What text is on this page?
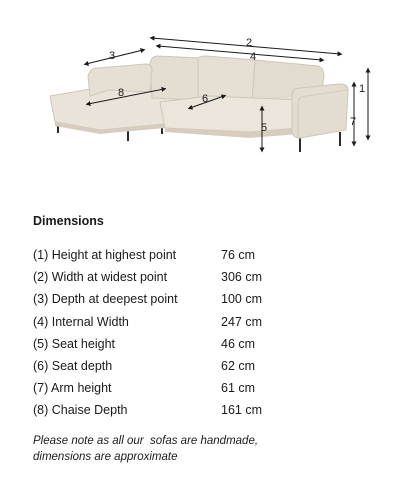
1
2
3	4
5
6
7
8
Dimensions
(1) Height at highest point	76 cm
(2) Width at widest point	306 cm
(3) Depth at deepest point	100 cm
(4) Internal Width	247 cm
(5) Seat height	46 cm
(6) Seat depth	62 cm
(7) Arm height	61 cm
(8) Chaise Depth	161 cm

Please note as all our  sofas are handmade,
dimensions are approximate
